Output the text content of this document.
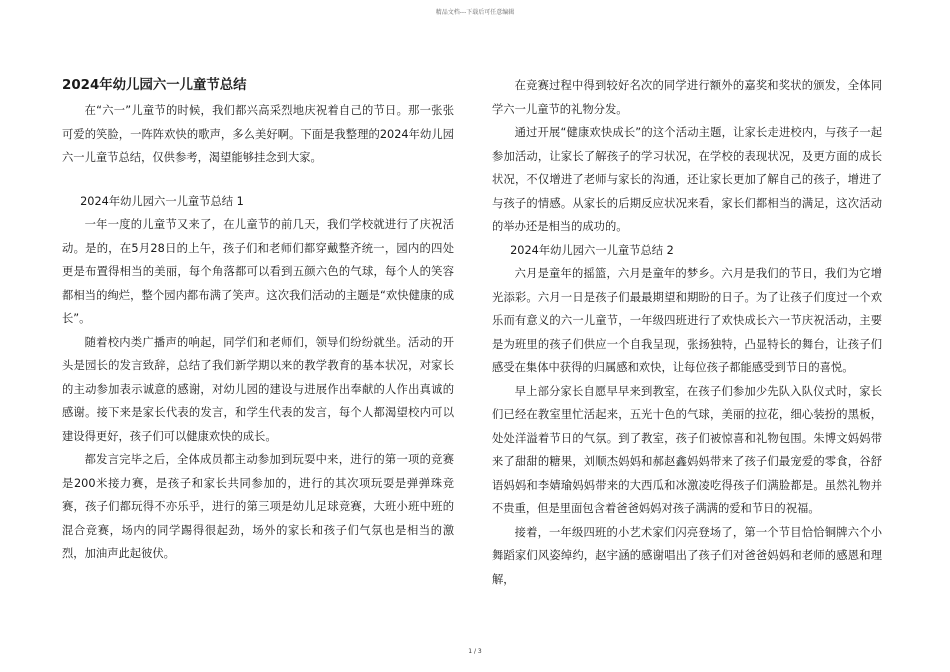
精品文档---下载后可任意编辑

2024年幼儿园六一儿童节总结

在“六一”儿童节的时候，我们都兴高采烈地庆祝着自己的节日。那一张张可爱的笑脸，一阵阵欢快的歌声，多么美好啊。下面是我整理的2024年幼儿园六一儿童节总结，仅供参考，渴望能够挂念到大家。

2024年幼儿园六一儿童节总结 1

一年一度的儿童节又来了，在儿童节的前几天，我们学校就进行了庆祝活动。是的，在5月28日的上午，孩子们和老师们都穿戴整齐统一，园内的四处更是布置得相当的美丽，每个角落都可以看到五颜六色的气球，每个人的笑容都相当的绚烂，整个园内都布满了笑声。这次我们活动的主题是“欢快健康的成长”。

随着校内类广播声的响起，同学们和老师们，领导们纷纷就坐。活动的开头是园长的发言致辞，总结了我们新学期以来的教学教育的基本状况，对家长的主动参加表示诚意的感谢，对幼儿园的建设与进展作出奉献的人作出真诚的感谢。接下来是家长代表的发言，和学生代表的发言，每个人都渴望校内可以建设得更好，孩子们可以健康欢快的成长。

都发言完毕之后，全体成员都主动参加到玩耍中来，进行的第一项的竞赛是200米接力赛，是孩子和家长共同参加的，进行的其次项玩耍是弹弹珠竞赛，孩子们都玩得不亦乐乎，进行的第三项是幼儿足球竞赛，大班小班中班的混合竞赛，场内的同学踢得很起劲，场外的家长和孩子们气氛也是相当的激烈，加油声此起彼伏。

在竞赛过程中得到较好名次的同学进行额外的嘉奖和奖状的颁发，全体同学六一儿童节的礼物分发。

通过开展“健康欢快成长”的这个活动主题，让家长走进校内，与孩子一起参加活动，让家长了解孩子的学习状况，在学校的表现状况，及更方面的成长状况，不仅增进了老师与家长的沟通，还让家长更加了解自己的孩子，增进了与孩子的情感。从家长的后期反应状况来看，家长们都相当的满足，这次活动的举办还是相当的成功的。

2024年幼儿园六一儿童节总结 2

六月是童年的摇篮，六月是童年的梦乡。六月是我们的节日，我们为它增光添彩。六月一日是孩子们最最期望和期盼的日子。为了让孩子们度过一个欢乐而有意义的六一儿童节，一年级四班进行了欢快成长六一节庆祝活动，主要是为班里的孩子们供应一个自我呈现，张扬独特，凸显特长的舞台，让孩子们感受在集体中获得的归属感和欢快，让每位孩子都能感受到节日的喜悦。

早上部分家长自愿早早来到教室，在孩子们参加少先队入队仪式时，家长们已经在教室里忙活起来，五光十色的气球，美丽的拉花，细心装扮的黑板，处处洋溢着节日的气氛。到了教室，孩子们被惊喜和礼物包围。朱博文妈妈带来了甜甜的糖果，刘顺杰妈妈和郝赵鑫妈妈带来了孩子们最宠爱的零食，谷舒语妈妈和李婧瑜妈妈带来的大西瓜和冰激凌吃得孩子们满脸都是。虽然礼物并不贵重，但是里面包含着爸爸妈妈对孩子满满的爱和节日的祝福。

接着，一年级四班的小艺术家们闪亮登场了，第一个节目恰恰铜牌六个小舞蹈家们风姿绰约，赵宇涵的感谢唱出了孩子们对爸爸妈妈和老师的感恩和理解，

1 / 3
